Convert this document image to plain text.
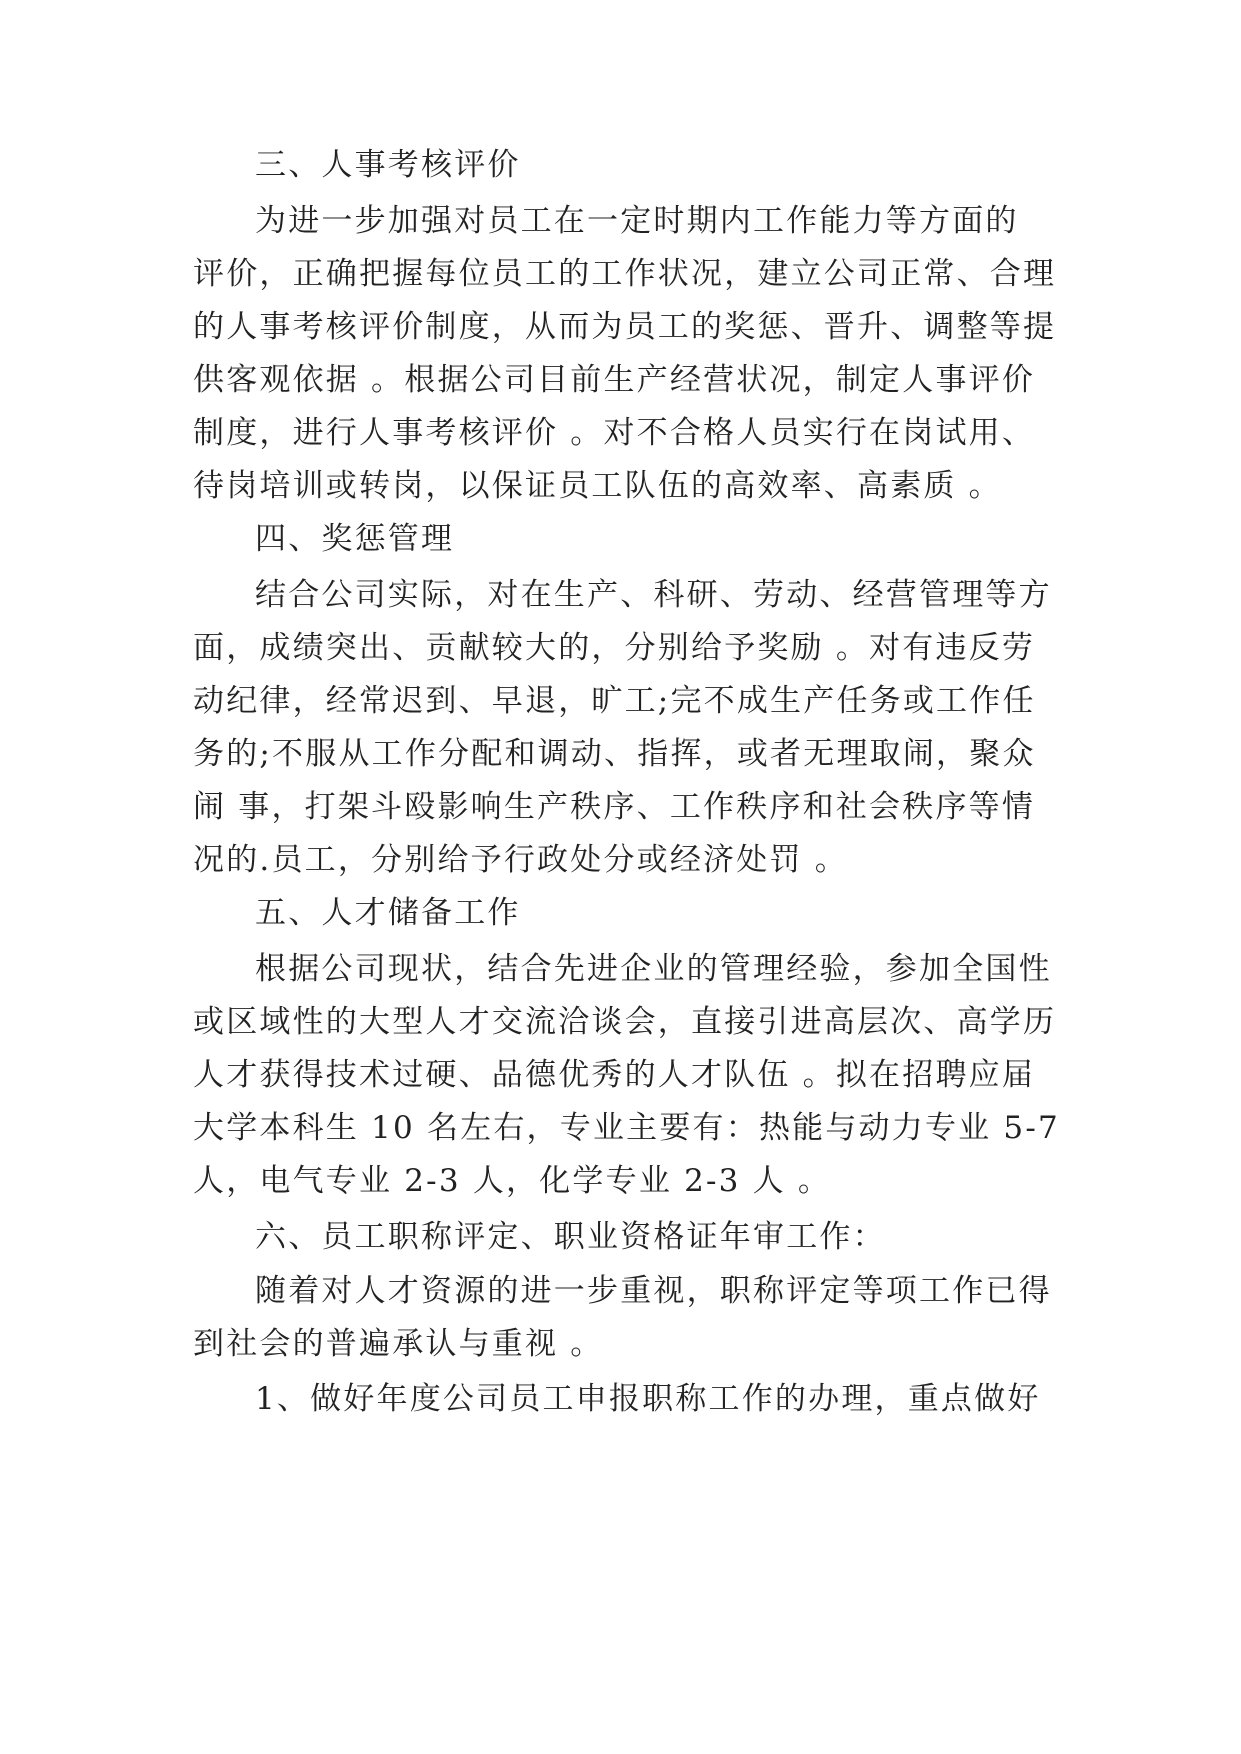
三、人事考核评价
为进一步加强对员工在一定时期内工作能力等方面的
评价，正确把握每位员工的工作状况，建立公司正常、合理
的人事考核评价制度，从而为员工的奖惩、晋升、调整等提
供客观依据 。根据公司目前生产经营状况，制定人事评价
制度，进行人事考核评价 。对不合格人员实行在岗试用、
待岗培训或转岗，以保证员工队伍的高效率、高素质 。
四、奖惩管理
结合公司实际，对在生产、科研、劳动、经营管理等方
面，成绩突出、贡献较大的，分别给予奖励 。对有违反劳
动纪律，经常迟到、早退，旷工;完不成生产任务或工作任
务的;不服从工作分配和调动、指挥，或者无理取闹，聚众
闹 事，打架斗殴影响生产秩序、工作秩序和社会秩序等情
况的.员工，分别给予行政处分或经济处罚 。
五、人才储备工作
根据公司现状，结合先进企业的管理经验，参加全国性
或区域性的大型人才交流洽谈会，直接引进高层次、高学历
人才获得技术过硬、品德优秀的人才队伍 。拟在招聘应届
大学本科生 10 名左右，专业主要有：热能与动力专业 5-7
人，电气专业 2-3 人，化学专业 2-3 人 。
六、员工职称评定、职业资格证年审工作：
随着对人才资源的进一步重视，职称评定等项工作已得
到社会的普遍承认与重视 。
1、做好年度公司员工申报职称工作的办理，重点做好
